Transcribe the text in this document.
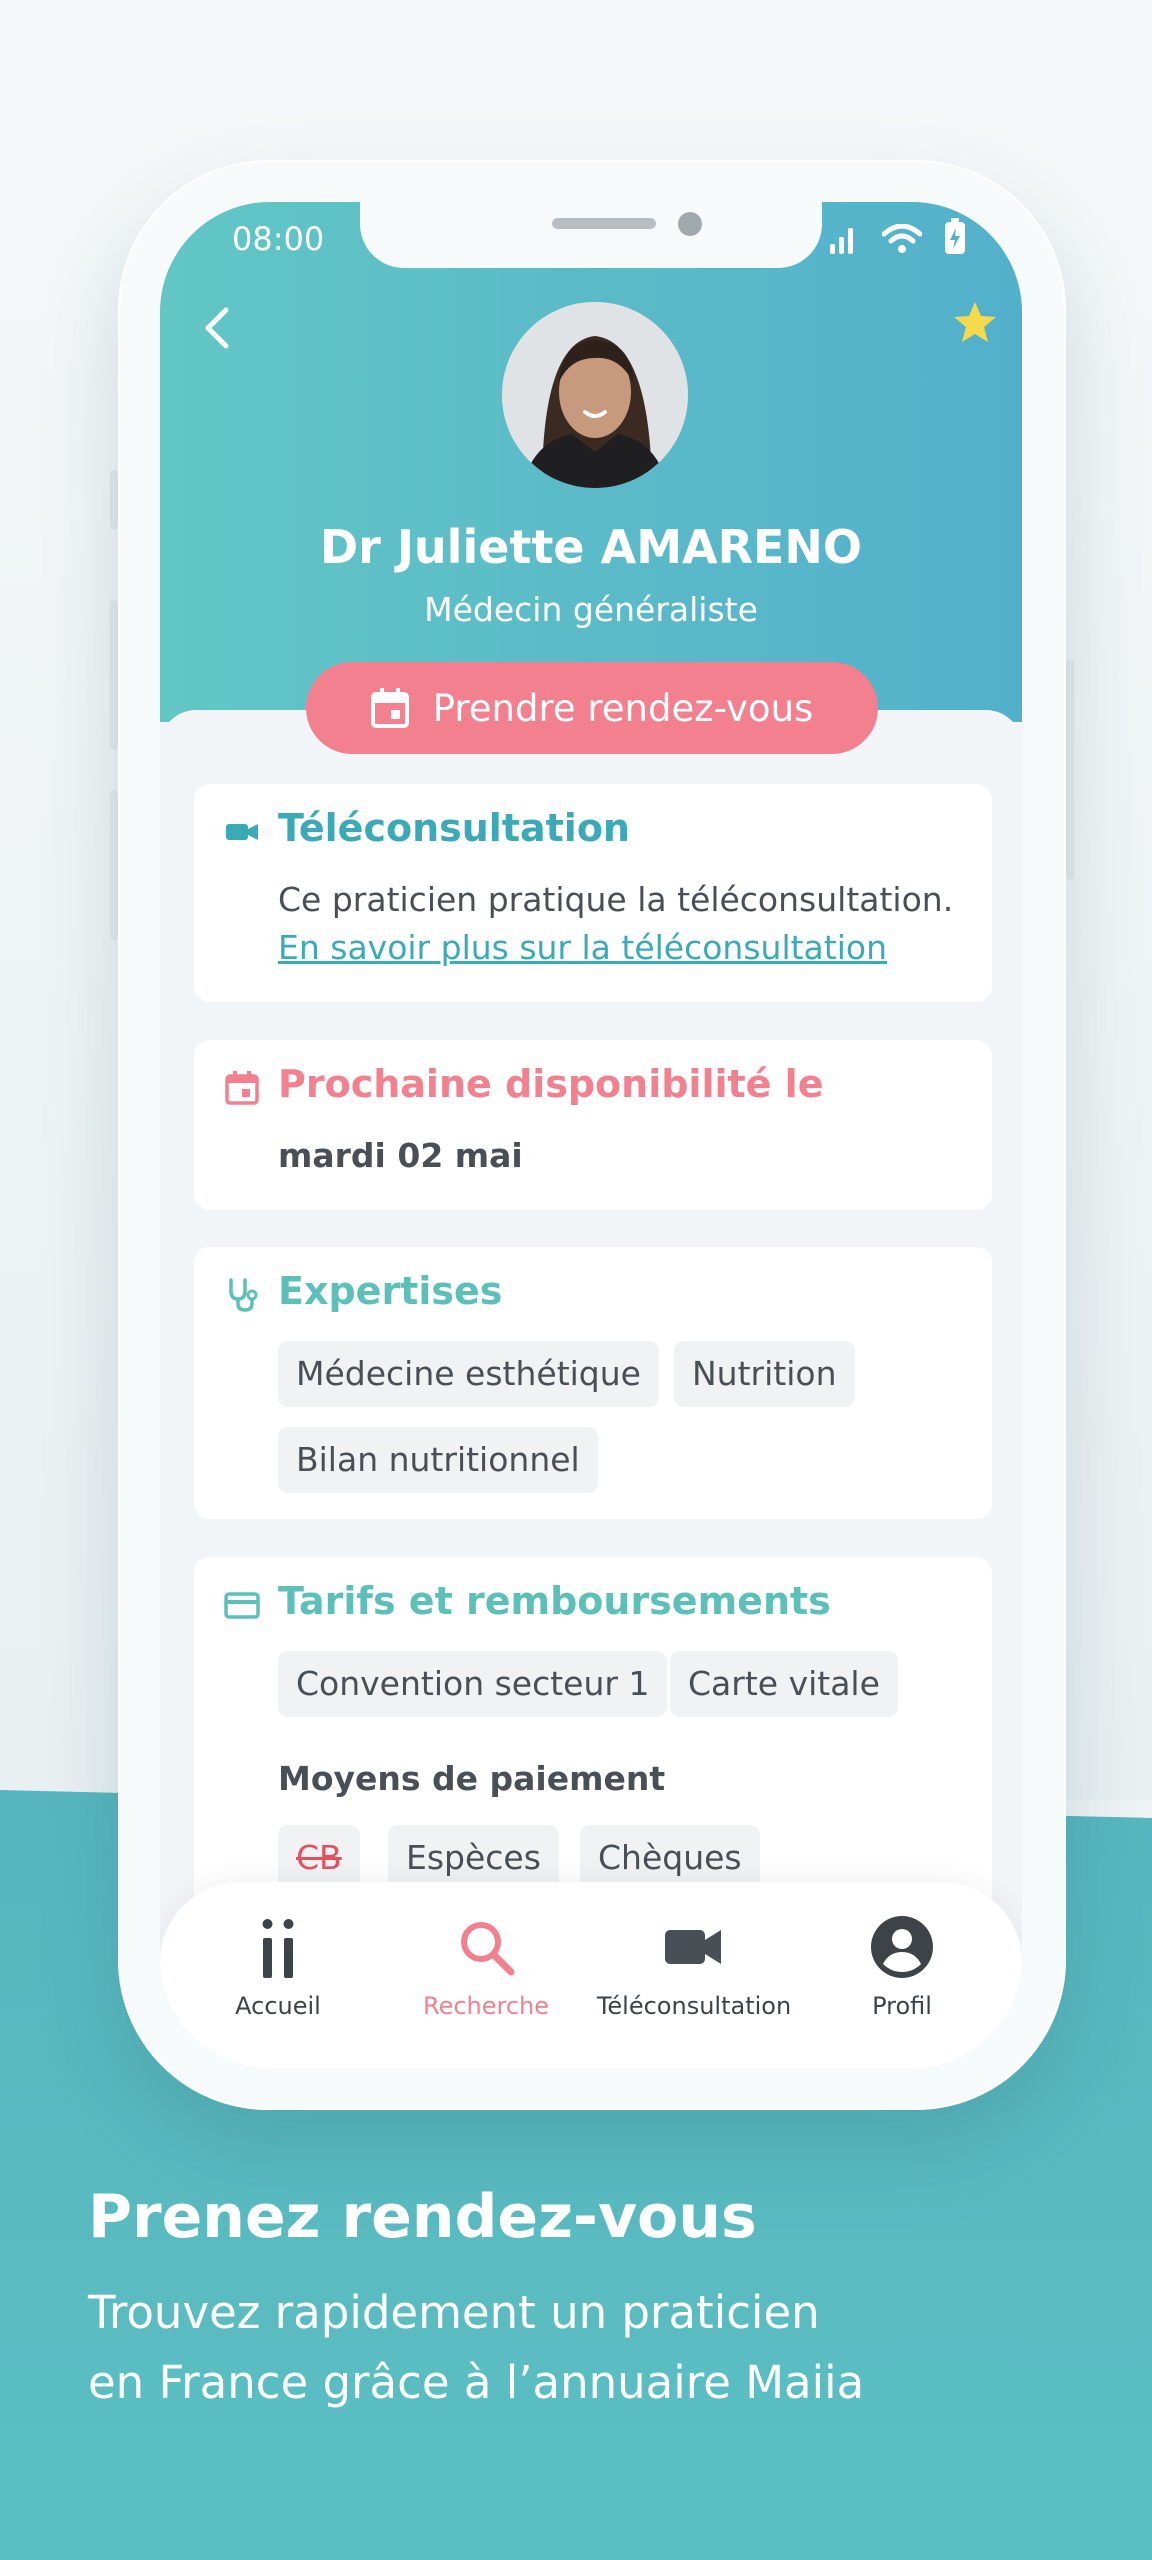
08:00
Dr Juliette AMARENO
Médecin généraliste
Prendre rendez-vous
Téléconsultation
Ce praticien pratique la téléconsultation.
En savoir plus sur la téléconsultation
Prochaine disponibilité le
mardi 02 mai
Expertises
Médecine esthétique	Nutrition
Bilan nutritionnel
Tarifs et remboursements
Convention secteur 1	Carte vitale
Moyens de paiement
CB	Espèces	Chèques
Accueil	Recherche	Téléconsultation	Profil
Prenez rendez-vous
Trouvez rapidement un praticien
en France grâce à l’annuaire Maiia
